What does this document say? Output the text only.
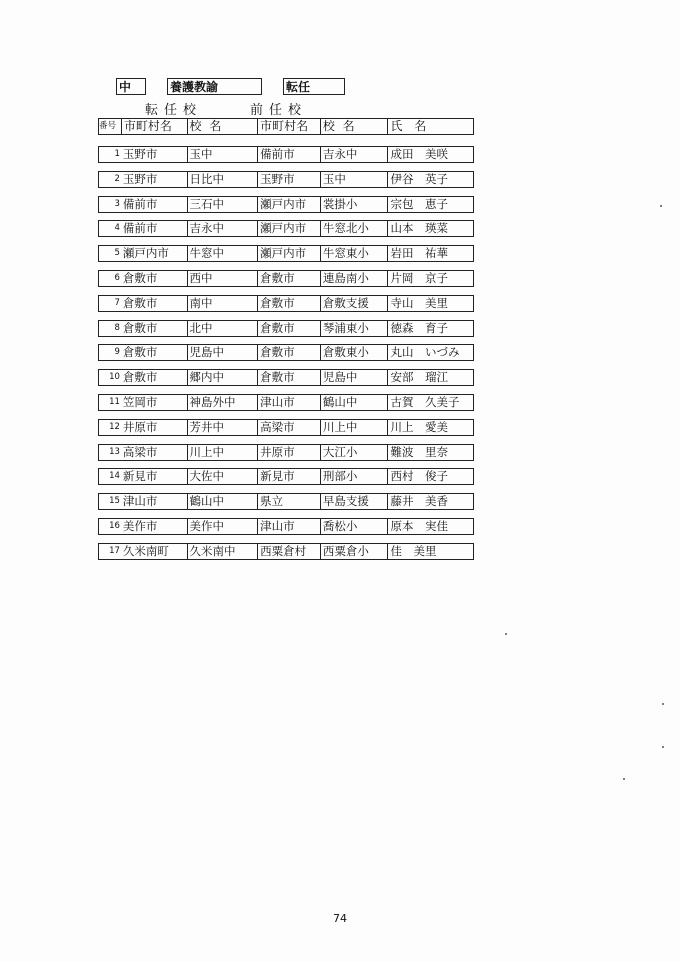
中	養護教諭	転任
転任校	前任校
番号 市町村名	校 名	市町村名	校 名	氏 名
1 玉野市	玉中	備前市	吉永中	成田　美咲
2 玉野市	日比中	玉野市	玉中	伊谷　英子
3 備前市	三石中	瀬戸内市	裳掛小	宗包　恵子
4 備前市	吉永中	瀬戸内市	牛窓北小	山本　瑛菜
5 瀬戸内市	牛窓中	瀬戸内市	牛窓東小	岩田　祐華
6 倉敷市	西中	倉敷市	連島南小	片岡　京子
7 倉敷市	南中	倉敷市	倉敷支援	寺山　美里
8 倉敷市	北中	倉敷市	琴浦東小	徳森　育子
9 倉敷市	児島中	倉敷市	倉敷東小	丸山　いづみ
10 倉敷市	郷内中	倉敷市	児島中	安部　瑠江
11 笠岡市	神島外中	津山市	鶴山中	古賀　久美子
12 井原市	芳井中	高梁市	川上中	川上　愛美
13 高梁市	川上中	井原市	大江小	難波　里奈
14 新見市	大佐中	新見市	刑部小	西村　俊子
15 津山市	鶴山中	県立	早島支援	藤井　美香
16 美作市	美作中	津山市	喬松小	原本　実佳
17 久米南町	久米南中	西粟倉村	西粟倉小	佳　美里
74
